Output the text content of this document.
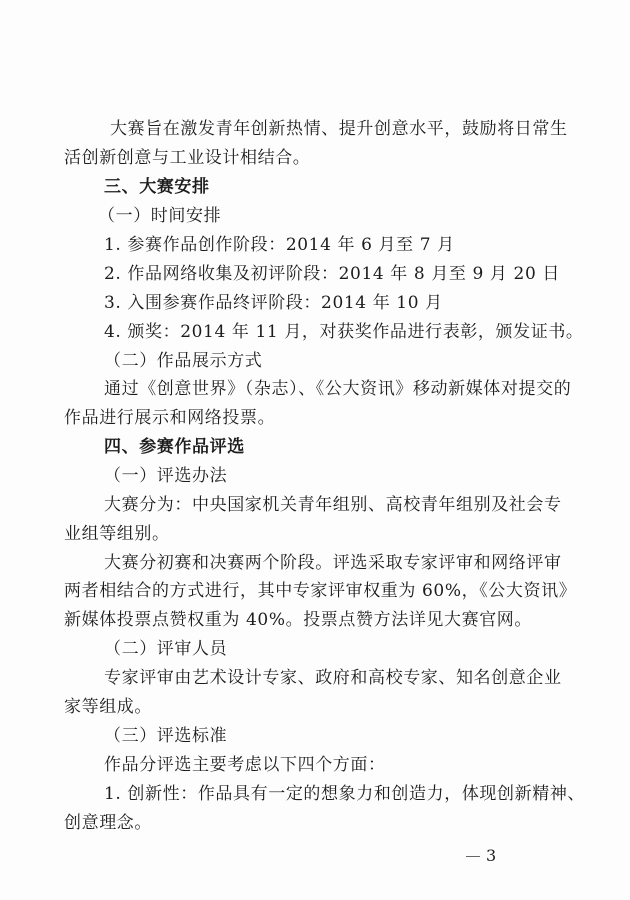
大赛旨在激发青年创新热情、提升创意水平，鼓励将日常生
活创新创意与工业设计相结合。
三、大赛安排
（一）时间安排
1. 参赛作品创作阶段：2014 年 6 月至 7 月
2. 作品网络收集及初评阶段：2014 年 8 月至 9 月 20 日
3. 入围参赛作品终评阶段：2014 年 10 月
4. 颁奖：2014 年 11 月，对获奖作品进行表彰，颁发证书。
（二）作品展示方式
通过《创意世界》（杂志）、《公大资讯》移动新媒体对提交的
作品进行展示和网络投票。
四、参赛作品评选
（一）评选办法
大赛分为：中央国家机关青年组别、高校青年组别及社会专
业组等组别。
大赛分初赛和决赛两个阶段。评选采取专家评审和网络评审
两者相结合的方式进行，其中专家评审权重为 60%，《公大资讯》
新媒体投票点赞权重为 40%。投票点赞方法详见大赛官网。
（二）评审人员
专家评审由艺术设计专家、政府和高校专家、知名创意企业
家等组成。
（三）评选标准
作品分评选主要考虑以下四个方面：
1. 创新性：作品具有一定的想象力和创造力，体现创新精神、
创意理念。
3
